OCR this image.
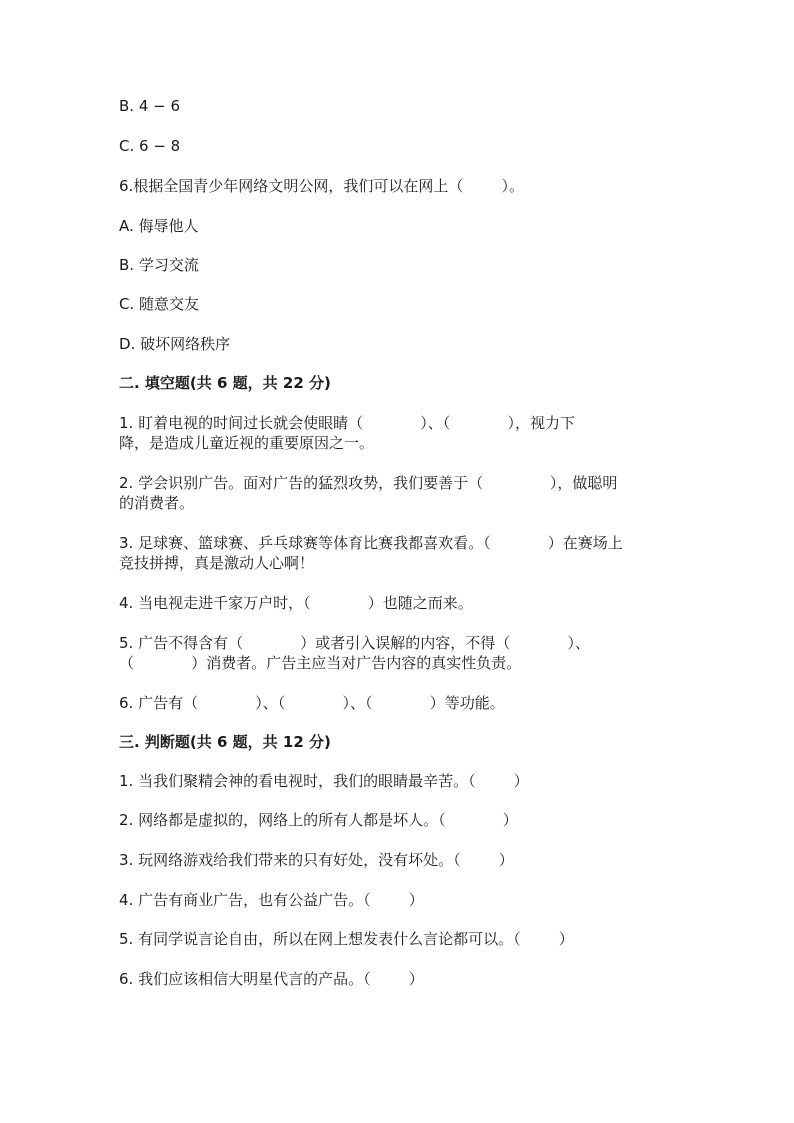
B. 4 − 6
C. 6 − 8
6.根据全国青少年网络文明公网，我们可以在网上（        ）。
A. 侮辱他人
B. 学习交流
C. 随意交友
D. 破坏网络秩序
二. 填空题(共 6 题，共 22 分)
1. 盯着电视的时间过长就会使眼睛（            ）、（            ），视力下
降，是造成儿童近视的重要原因之一。
2. 学会识别广告。面对广告的猛烈攻势，我们要善于（              ），做聪明
的消费者。
3. 足球赛、篮球赛、乒乓球赛等体育比赛我都喜欢看。（            ）在赛场上
竞技拼搏，真是激动人心啊！
4. 当电视走进千家万户时，（            ）也随之而来。
5. 广告不得含有（            ）或者引入误解的内容，不得（            ）、
（            ）消费者。广告主应当对广告内容的真实性负责。
6. 广告有（            ）、（            ）、（            ）等功能。
三. 判断题(共 6 题，共 12 分)
1. 当我们聚精会神的看电视时，我们的眼睛最辛苦。（        ）
2. 网络都是虚拟的，网络上的所有人都是坏人。（            ）
3. 玩网络游戏给我们带来的只有好处，没有坏处。（        ）
4. 广告有商业广告，也有公益广告。（        ）
5. 有同学说言论自由，所以在网上想发表什么言论都可以。（        ）
6. 我们应该相信大明星代言的产品。（        ）
